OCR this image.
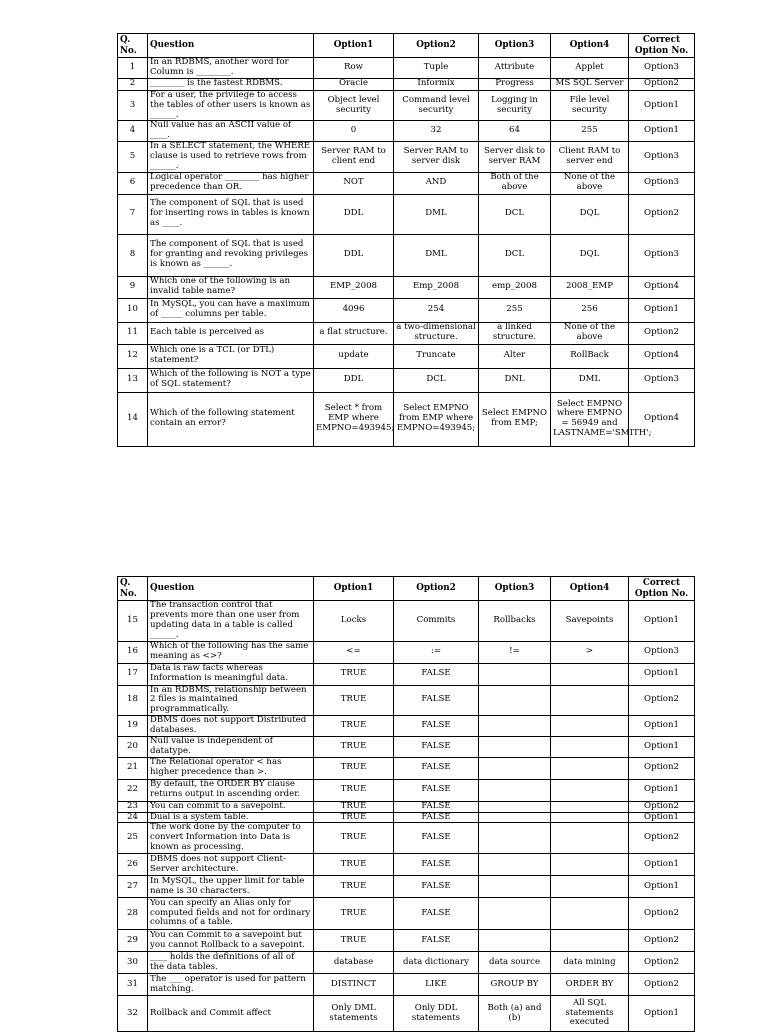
Q. No.	Question	Option1	Option2	Option3	Option4	Correct Option No.
1	In an RDBMS, another word for Column is ________.	Row	Tuple	Attribute	Applet	Option3
2	________ is the fastest RDBMS.	Oracle	Informix	Progress	MS SQL Server	Option2
3	For a user, the privilege to access the tables of other users is known as ______.	Object level security	Command level security	Logging in security	File level security	Option1
4	Null value has an ASCII value of ____.	0	32	64	255	Option1
5	In a SELECT statement, the WHERE clause is used to retrieve rows from ______.	Server RAM to client end	Server RAM to server disk	Server disk to server RAM	Client RAM to server end	Option3
6	Logical operator ________ has higher precedence than OR.	NOT	AND	Both of the above	None of the above	Option3
7	The component of SQL that is used for inserting rows in tables is known as ____.	DDL	DML	DCL	DQL	Option2
8	The component of SQL that is used for granting and revoking privileges is known as ______.	DDL	DML	DCL	DQL	Option3
9	Which one of the following is an invalid table name?	EMP_2008	Emp_2008	emp_2008	2008_EMP	Option4
10	In MySQL, you can have a maximum of _____ columns per table.	4096	254	255	256	Option1
11	Each table is perceived as	a flat structure.	a two-dimensional structure.	a linked structure.	None of the above	Option2
12	Which one is a TCL (or DTL) statement?	update	Truncate	Alter	RollBack	Option4
13	Which of the following is NOT a type of SQL statement?	DDL	DCL	DNL	DML	Option3
14	Which of the following statement contain an error?	Select * from EMP where EMPNO=493945;	Select EMPNO from EMP where EMPNO=493945;	Select EMPNO from EMP;	Select EMPNO where EMPNO = 56949 and LASTNAME='SMITH';	Option4
Q. No.	Question	Option1	Option2	Option3	Option4	Correct Option No.
15	The transaction control that prevents more than one user from updating data in a table is called ______.	Locks	Commits	Rollbacks	Savepoints	Option1
16	Which of the following has the same meaning as <>?	<=	:=	!=	>	Option3
17	Data is raw facts whereas Information is meaningful data.	TRUE	FALSE			Option1
18	In an RDBMS, relationship between 2 files is maintained programmatically.	TRUE	FALSE			Option2
19	DBMS does not support Distributed databases.	TRUE	FALSE			Option1
20	Null value is independent of datatype.	TRUE	FALSE			Option1
21	The Relational operator < has higher precedence than >.	TRUE	FALSE			Option2
22	By default, the ORDER BY clause returns output in ascending order.	TRUE	FALSE			Option1
23	You can commit to a savepoint.	TRUE	FALSE			Option2
24	Dual is a system table.	TRUE	FALSE			Option1
25	The work done by the computer to convert Information into Data is known as processing.	TRUE	FALSE			Option2
26	DBMS does not support Client-Server architecture.	TRUE	FALSE			Option1
27	In MySQL, the upper limit for table name is 30 characters.	TRUE	FALSE			Option1
28	You can specify an Alias only for computed fields and not for ordinary columns of a table.	TRUE	FALSE			Option2
29	You can Commit to a savepoint but you cannot Rollback to a savepoint.	TRUE	FALSE			Option2
30	____ holds the definitions of all of the data tables.	database	data dictionary	data source	data mining	Option2
31	The ___ operator is used for pattern matching.	DISTINCT	LIKE	GROUP BY	ORDER BY	Option2
32	Rollback and Commit affect	Only DML statements	Only DDL statements	Both (a) and (b)	All SQL statements executed	Option1
